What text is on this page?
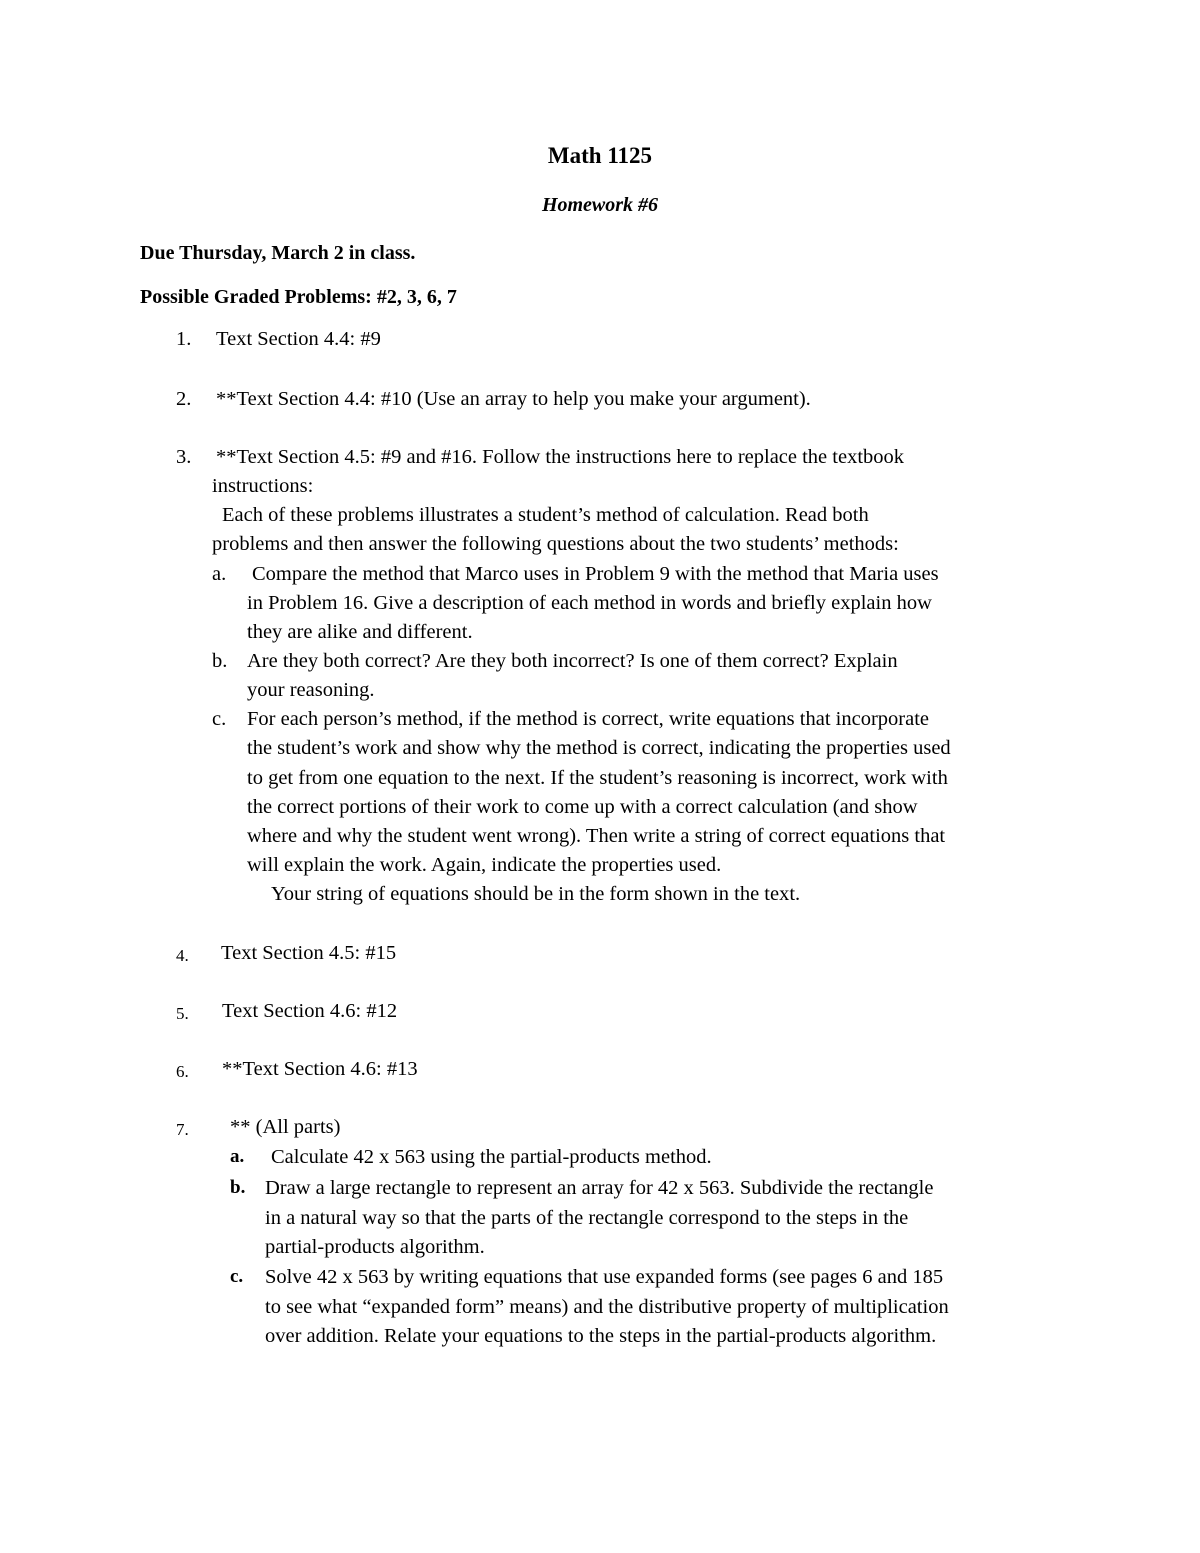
Math 1125
Homework #6
Due Thursday, March 2 in class.
Possible Graded Problems: #2, 3, 6, 7
1. Text Section 4.4: #9
2. **Text Section 4.4: #10 (Use an array to help you make your argument).
3. **Text Section 4.5: #9 and #16. Follow the instructions here to replace the textbook
instructions:
Each of these problems illustrates a student’s method of calculation. Read both
problems and then answer the following questions about the two students’ methods:
a. Compare the method that Marco uses in Problem 9 with the method that Maria uses
in Problem 16. Give a description of each method in words and briefly explain how
they are alike and different.
b. Are they both correct? Are they both incorrect? Is one of them correct? Explain
your reasoning.
c. For each person’s method, if the method is correct, write equations that incorporate
the student’s work and show why the method is correct, indicating the properties used
to get from one equation to the next. If the student’s reasoning is incorrect, work with
the correct portions of their work to come up with a correct calculation (and show
where and why the student went wrong). Then write a string of correct equations that
will explain the work. Again, indicate the properties used.
Your string of equations should be in the form shown in the text.
4. Text Section 4.5: #15
5. Text Section 4.6: #12
6. **Text Section 4.6: #13
7. ** (All parts)
a. Calculate 42 x 563 using the partial-products method.
b. Draw a large rectangle to represent an array for 42 x 563. Subdivide the rectangle
in a natural way so that the parts of the rectangle correspond to the steps in the
partial-products algorithm.
c. Solve 42 x 563 by writing equations that use expanded forms (see pages 6 and 185
to see what “expanded form” means) and the distributive property of multiplication
over addition. Relate your equations to the steps in the partial-products algorithm.
